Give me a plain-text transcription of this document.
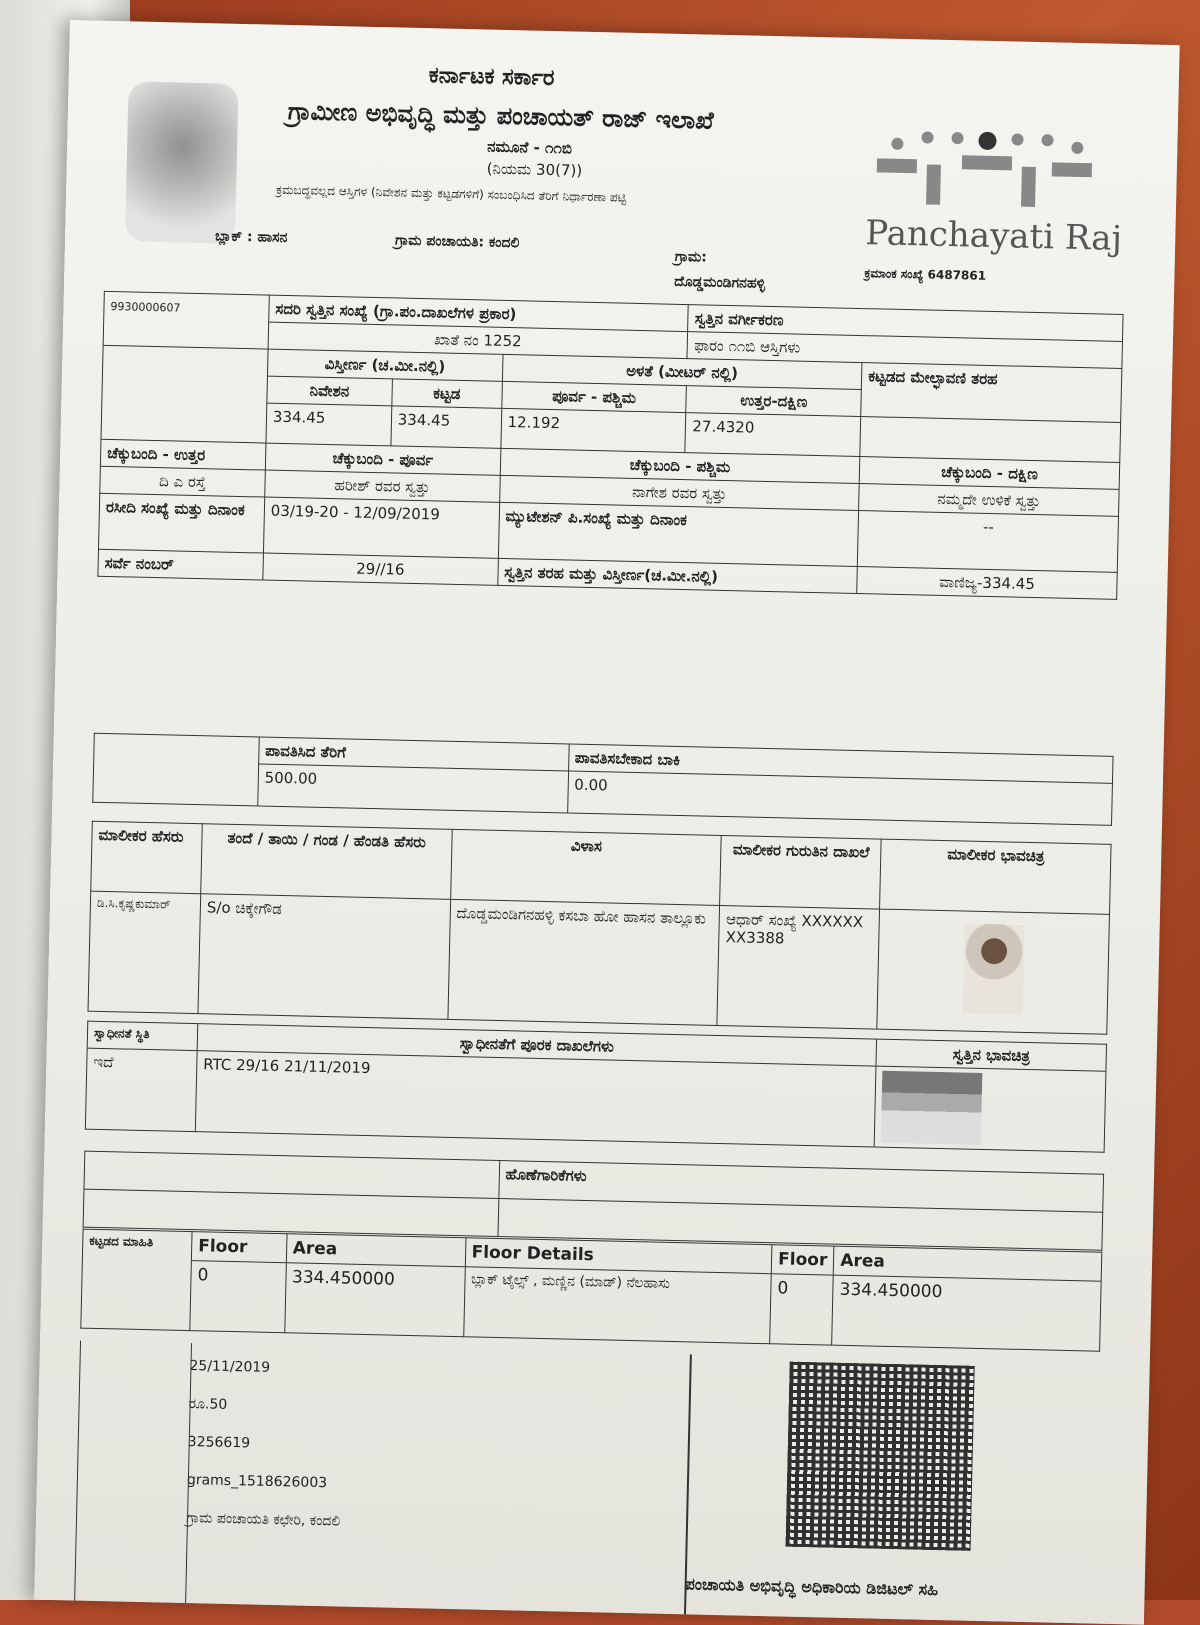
ಕರ್ನಾಟಕ ಸರ್ಕಾರ
ಗ್ರಾಮೀಣ ಅಭಿವೃದ್ಧಿ ಮತ್ತು ಪಂಚಾಯತ್ ರಾಜ್ ಇಲಾಖೆ
ನಮೂನೆ - ೧೧ಬಿ
(ನಿಯಮ 30(7))
ಕ್ರಮಬದ್ಧವಲ್ಲದ ಆಸ್ತಿಗಳ (ನಿವೇಶನ ಮತ್ತು ಕಟ್ಟಡಗಳಿಗೆ) ಸಂಬಂಧಿಸಿದ ತೆರಿಗೆ ನಿರ್ಧಾರಣಾ ಪಟ್ಟಿ
ಬ್ಲಾಕ್ : ಹಾಸನ	ಗ್ರಾಮ ಪಂಚಾಯತಿ: ಕಂದಲಿ
ಗ್ರಾಮ:
ದೊಡ್ಡಮಂಡಿಗನಹಳ್ಳಿ
Panchayati Raj
ಕ್ರಮಾಂಕ ಸಂಖ್ಯೆ 6487861
9930000607	ಸದರಿ ಸ್ವತ್ತಿನ ಸಂಖ್ಯೆ (ಗ್ರಾ.ಪಂ.ದಾಖಲೆಗಳ ಪ್ರಕಾರ)			ಸ್ವತ್ತಿನ ವರ್ಗೀಕರಣ	
	ಖಾತೆ ನಂ 1252			ಫಾರಂ ೧೧ಬಿ ಆಸ್ತಿಗಳು	
	ವಿಸ್ತೀರ್ಣ (ಚ.ಮೀ.ನಲ್ಲಿ)		ಅಳತೆ (ಮೀಟರ್ ನಲ್ಲಿ)		ಕಟ್ಟಡದ ಮೇಲ್ಛಾವಣಿ ತರಹ
	ನಿವೇಶನ	ಕಟ್ಟಡ	ಪೂರ್ವ - ಪಶ್ಚಿಮ	ಉತ್ತರ-ದಕ್ಷಿಣ	
	334.45	334.45	12.192	27.4320	
ಚೆಕ್ಕುಬಂದಿ - ಉತ್ತರ	ಚೆಕ್ಕುಬಂದಿ - ಪೂರ್ವ		ಚೆಕ್ಕುಬಂದಿ - ಪಶ್ಚಿಮ		ಚೆಕ್ಕುಬಂದಿ - ದಕ್ಷಿಣ
ದಿ ಎ ರಸ್ತೆ	ಹರೀಶ್ ರವರ ಸ್ವತ್ತು		ನಾಗೇಶ ರವರ ಸ್ವತ್ತು		ನಮ್ಮದೇ ಉಳಿಕೆ ಸ್ವತ್ತು
ರಸೀದಿ ಸಂಖ್ಯೆ ಮತ್ತು ದಿನಾಂಕ	03/19-20 - 12/09/2019		ಮ್ಯುಟೇಶನ್ ಪಿ.ಸಂಖ್ಯೆ ಮತ್ತು ದಿನಾಂಕ		--
ಸರ್ವೆ ನಂಬರ್	29//16		ಸ್ವತ್ತಿನ ತರಹ ಮತ್ತು ವಿಸ್ತೀರ್ಣ(ಚ.ಮೀ.ನಲ್ಲಿ)		ವಾಣಿಜ್ಯ-334.45
	ಪಾವತಿಸಿದ ತೆರಿಗೆ	ಪಾವತಿಸಬೇಕಾದ ಬಾಕಿ
	500.00	0.00
ಮಾಲೀಕರ ಹೆಸರು	ತಂದೆ / ತಾಯಿ / ಗಂಡ / ಹೆಂಡತಿ ಹೆಸರು	ವಿಳಾಸ	ಮಾಲೀಕರ ಗುರುತಿನ ದಾಖಲೆ	ಮಾಲೀಕರ ಭಾವಚಿತ್ರ
ಡಿ.ಸಿ.ಕೃಷ್ಣಕುಮಾರ್	S/o ಚಿಕ್ಕೇಗೌಡ	ದೊಡ್ಡಮಂಡಿಗನಹಳ್ಳಿ ಕಸಬಾ ಹೋ ಹಾಸನ ತಾಲ್ಲೂಕು	ಆಧಾರ್ ಸಂಖ್ಯೆ XXXXXXXX3388	
ಸ್ವಾಧೀನತೆ ಸ್ಥಿತಿ	ಸ್ವಾಧೀನತೆಗೆ ಪೂರಕ ದಾಖಲೆಗಳು	ಸ್ವತ್ತಿನ ಭಾವಚಿತ್ರ
ಇದೆ	RTC 29/16 21/11/2019	
	ಹೊಣೆಗಾರಿಕೆಗಳು

ಕಟ್ಟಡದ ಮಾಹಿತಿ	Floor	Area	Floor Details	Floor	Area
	0	334.450000	ಬ್ಲಾಕ್ ಟೈಲ್ಸ್ , ಮಣ್ಣಿನ (ಮಾಡ್) ನೆಲಹಾಸು	0	334.450000
25/11/2019
ರೂ.50
3256619
grams_1518626003
ಗ್ರಾಮ ಪಂಚಾಯತಿ ಕಛೇರಿ, ಕಂದಲಿ
ಪಂಚಾಯತಿ ಅಭಿವೃದ್ಧಿ ಅಧಿಕಾರಿಯ ಡಿಜಿಟಲ್ ಸಹಿ
